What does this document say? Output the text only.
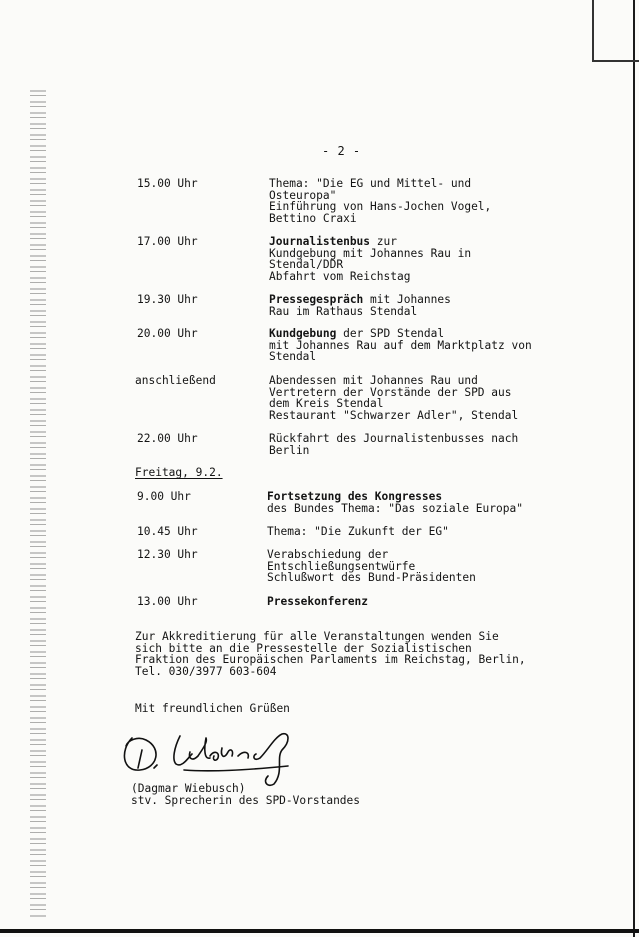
- 2 -
15.00 Uhr	Thema: "Die EG und Mittel- und
Osteuropa"
Einführung von Hans-Jochen Vogel,
Bettino Craxi
17.00 Uhr	Journalistenbus zur
Kundgebung mit Johannes Rau in
Stendal/DDR
Abfahrt vom Reichstag
19.30 Uhr	Pressegespräch mit Johannes
Rau im Rathaus Stendal
20.00 Uhr	Kundgebung der SPD Stendal
mit Johannes Rau auf dem Marktplatz von
Stendal
anschließend	Abendessen mit Johannes Rau und
Vertretern der Vorstände der SPD aus
dem Kreis Stendal
Restaurant "Schwarzer Adler", Stendal
22.00 Uhr	Rückfahrt des Journalistenbusses nach
Berlin
Freitag, 9.2.
9.00 Uhr	Fortsetzung des Kongresses
des Bundes Thema: "Das soziale Europa"
10.45 Uhr	Thema: "Die Zukunft der EG"
12.30 Uhr	Verabschiedung der
Entschließungsentwürfe
Schlußwort des Bund-Präsidenten
13.00 Uhr	Pressekonferenz
Zur Akkreditierung für alle Veranstaltungen wenden Sie
sich bitte an die Pressestelle der Sozialistischen
Fraktion des Europäischen Parlaments im Reichstag, Berlin,
Tel. 030/3977 603-604
Mit freundlichen Grüßen
(Dagmar Wiebusch)
stv. Sprecherin des SPD-Vorstandes
